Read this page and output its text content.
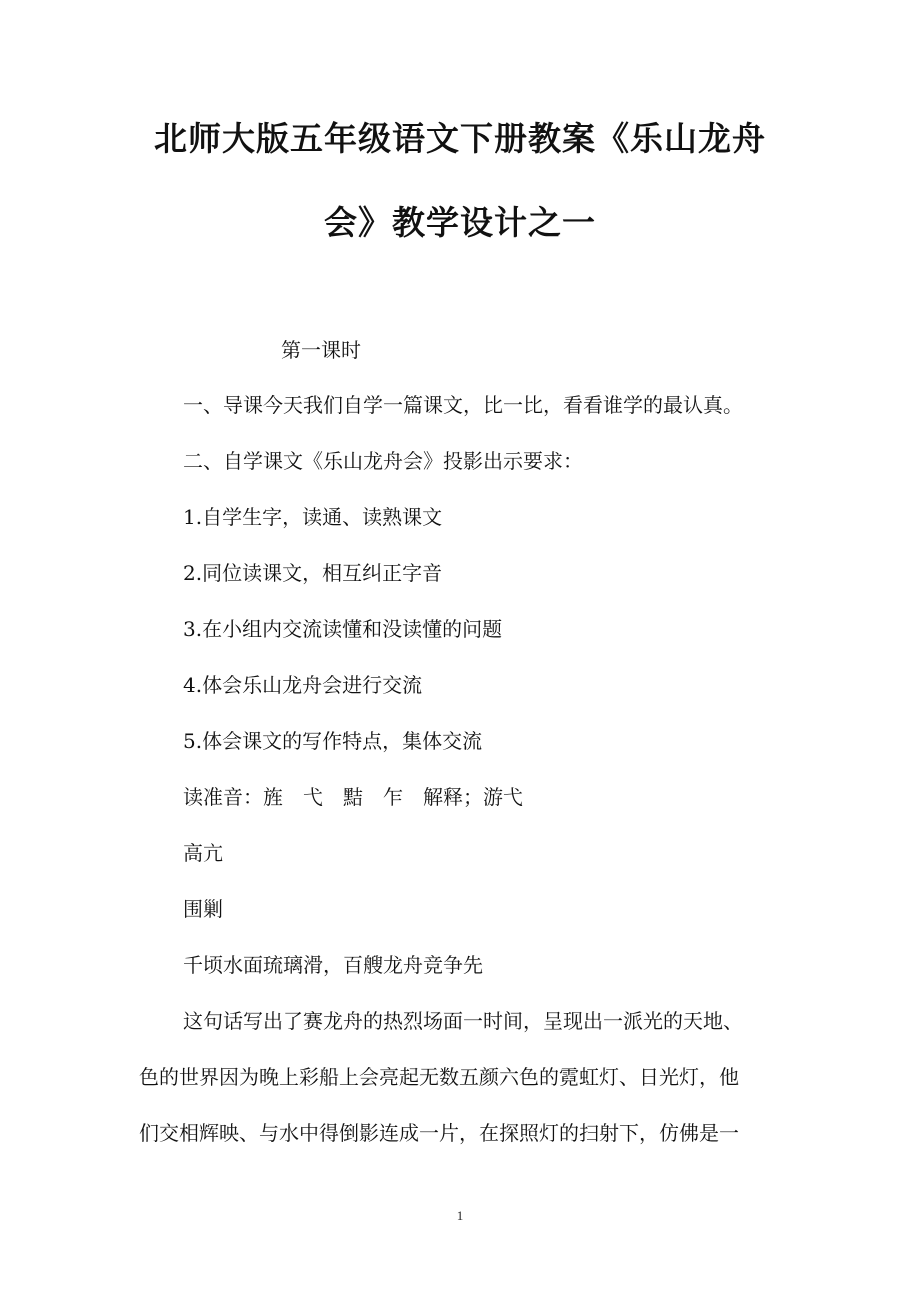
北师大版五年级语文下册教案《乐山龙舟
会》教学设计之一
第一课时
一、导课今天我们自学一篇课文，比一比，看看谁学的最认真。
二、自学课文《乐山龙舟会》投影出示要求：
1.自学生字，读通、读熟课文
2.同位读课文，相互纠正字音
3.在小组内交流读懂和没读懂的问题
4.体会乐山龙舟会进行交流
5.体会课文的写作特点，集体交流
读准音：旌　弋　黠　乍　解释；游弋
高亢
围剿
千顷水面琉璃滑，百艘龙舟竞争先
这句话写出了赛龙舟的热烈场面一时间，呈现出一派光的天地、
色的世界因为晚上彩船上会亮起无数五颜六色的霓虹灯、日光灯，他
们交相辉映、与水中得倒影连成一片，在探照灯的扫射下，仿佛是一
1
